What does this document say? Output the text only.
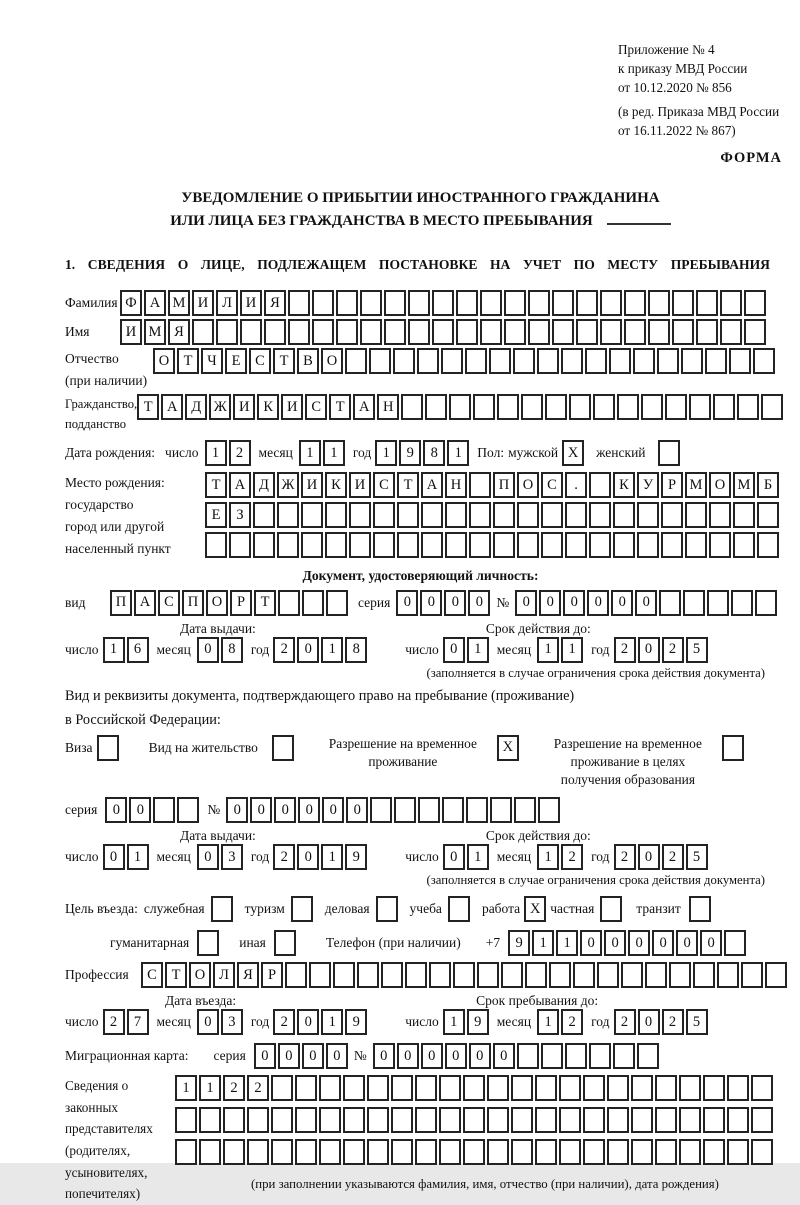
Приложение № 4
к приказу МВД России
от 10.12.2020 № 856
(в ред. Приказа МВД России
от 16.11.2022 № 867)
ФОРМА
УВЕДОМЛЕНИЕ О ПРИБЫТИИ ИНОСТРАННОГО ГРАЖДАНИНА
ИЛИ ЛИЦА БЕЗ ГРАЖДАНСТВА В МЕСТО ПРЕБЫВАНИЯ
1. СВЕДЕНИЯ О ЛИЦЕ, ПОДЛЕЖАЩЕМ ПОСТАНОВКЕ НА УЧЕТ ПО МЕСТУ ПРЕБЫВАНИЯ
Фамилия Ф А М И Л И Я
Имя	И М Я
Отчество
(при наличии)
О Т	Ч	Е	С	Т	В О
Гражданство,
подданство
Т А Д Ж И К И С	Т А Н
Дата рождения: число 1	2	месяц 1	1	год 1	9	8	1	Пол: мужской X	женский
Место рождения:
государство
город или другой
населенный пункт
Т А Д Ж И К И С	Т А Н	П О С	.	К У	Р М О М Б
Е	З
Документ, удостоверяющий личность:
вид	П А С П О	Р	Т	серия 0	0	0	0 № 0	0	0	0	0	0
Дата выдачи:	Срок действия до:
число 1	6	месяц 0	8	год 2	0	1	8	число 0	1	месяц 1	1	год 2	0	2	5
(заполняется в случае ограничения срока действия документа)
Вид и реквизиты документа, подтверждающего право на пребывание (проживание)
в Российской Федерации:
Виза	Вид на жительство	Разрешение на временное
проживание
X	Разрешение на временное
проживание в целях
получения образования
серия	0	0	№ 0	0	0	0	0	0
Дата выдачи:	Срок действия до:
число 0	1	месяц 0	3	год 2	0	1	9	число 0	1	месяц 1	2	год 2	0	2	5
(заполняется в случае ограничения срока действия документа)
Цель въезда: служебная	туризм	деловая	учеба	работа X частная	транзит
гуманитарная	иная	Телефон (при наличии) +7	9	1	1	0	0	0	0	0	0
Профессия	С	Т О Л Я	Р
Дата въезда:	Срок пребывания до:
число 2	7	месяц 0	3	год 2	0	1	9	число 1	9	месяц 1	2	год 2	0	2	5
Миграционная карта: серия	0	0	0	0 № 0	0	0	0	0	0
Сведения о
законных
представителях
(родителях,
усыновителях,
попечителях)
1	1	2	2
(при заполнении указываются фамилия, имя, отчество (при наличии), дата рождения)
